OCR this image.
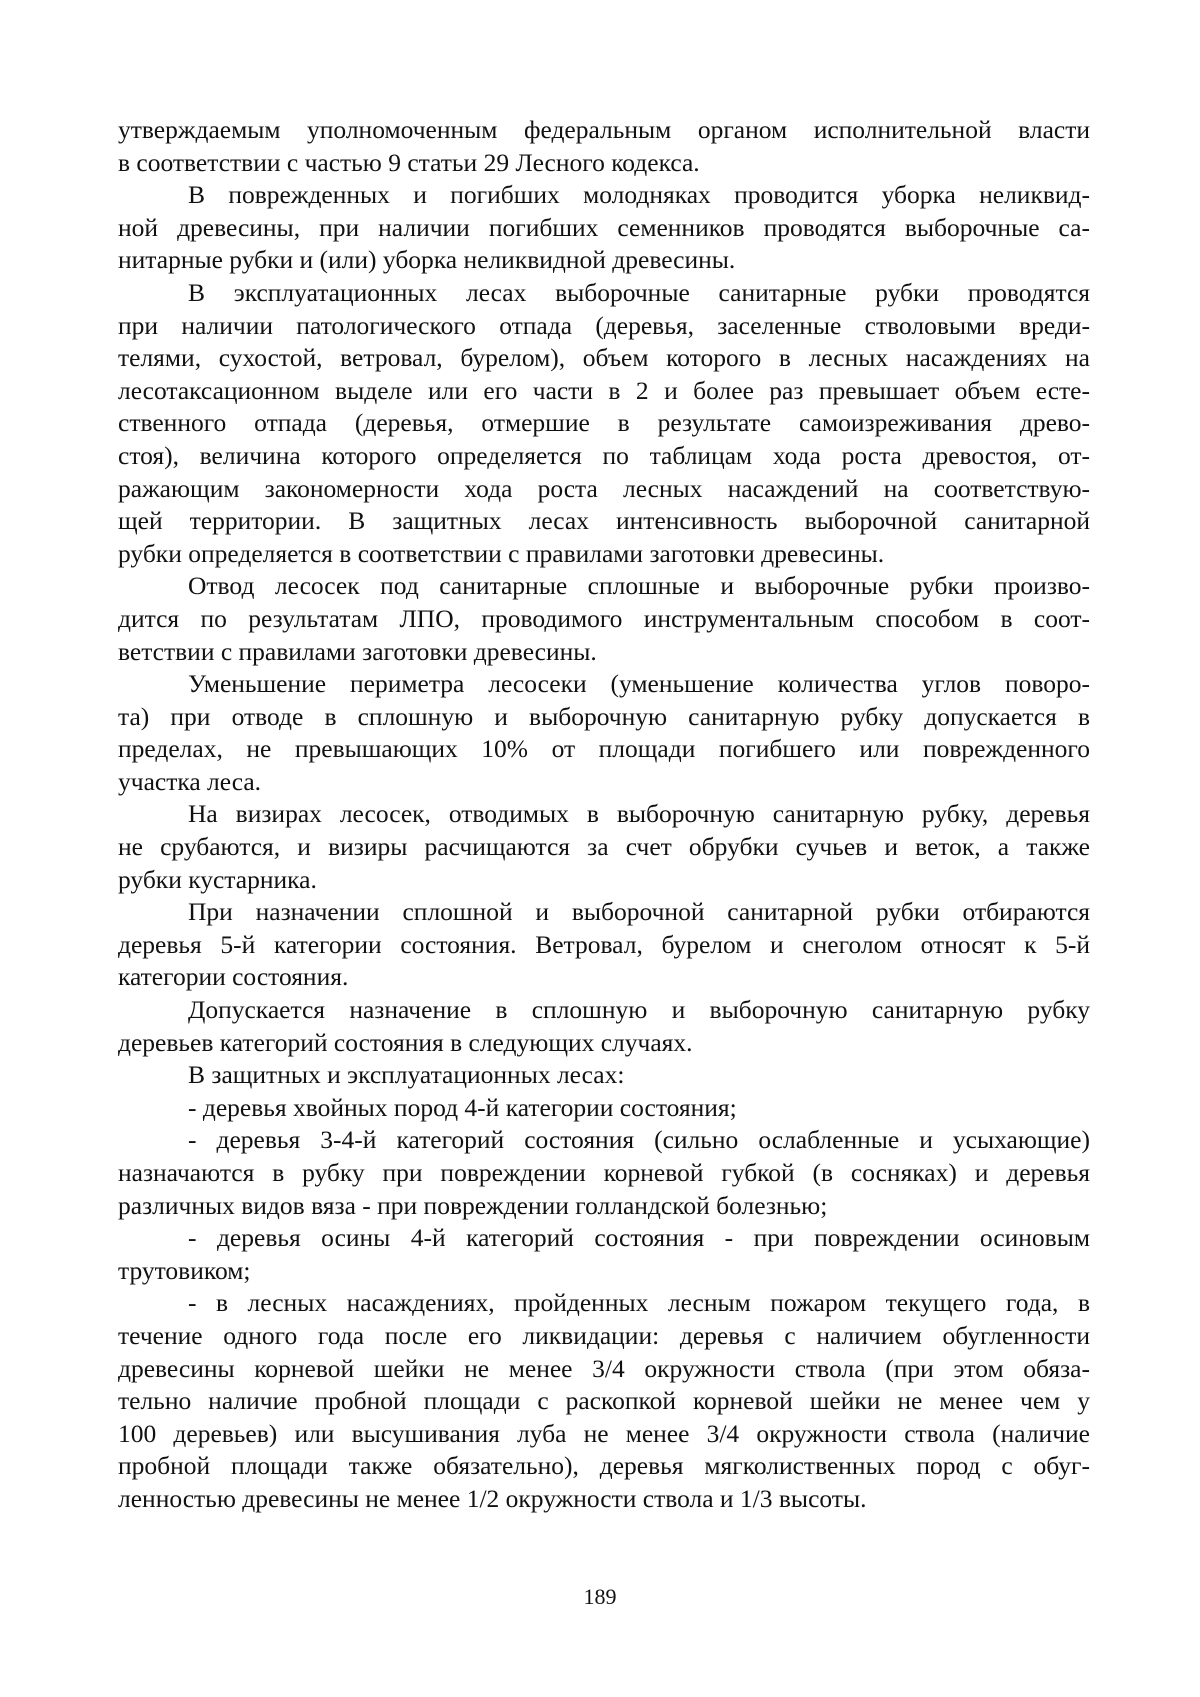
утверждаемым уполномоченным федеральным органом исполнительной власти
в соответствии с частью 9 статьи 29 Лесного кодекса.
В поврежденных и погибших молодняках проводится уборка неликвид-
ной древесины, при наличии погибших семенников проводятся выборочные са-
нитарные рубки и (или) уборка неликвидной древесины.
В эксплуатационных лесах выборочные санитарные рубки проводятся
при наличии патологического отпада (деревья, заселенные стволовыми вреди-
телями, сухостой, ветровал, бурелом), объем которого в лесных насаждениях на
лесотаксационном выделе или его части в 2 и более раз превышает объем есте-
ственного отпада (деревья, отмершие в результате самоизреживания древо-
стоя), величина которого определяется по таблицам хода роста древостоя, от-
ражающим закономерности хода роста лесных насаждений на соответствую-
щей территории. В защитных лесах интенсивность выборочной санитарной
рубки определяется в соответствии с правилами заготовки древесины.
Отвод лесосек под санитарные сплошные и выборочные рубки произво-
дится по результатам ЛПО, проводимого инструментальным способом в соот-
ветствии с правилами заготовки древесины.
Уменьшение периметра лесосеки (уменьшение количества углов поворо-
та) при отводе в сплошную и выборочную санитарную рубку допускается в
пределах, не превышающих 10% от площади погибшего или поврежденного
участка леса.
На визирах лесосек, отводимых в выборочную санитарную рубку, деревья
не срубаются, и визиры расчищаются за счет обрубки сучьев и веток, а также
рубки кустарника.
При назначении сплошной и выборочной санитарной рубки отбираются
деревья 5-й категории состояния. Ветровал, бурелом и снеголом относят к 5-й
категории состояния.
Допускается назначение в сплошную и выборочную санитарную рубку
деревьев категорий состояния в следующих случаях.
В защитных и эксплуатационных лесах:
- деревья хвойных пород 4-й категории состояния;
- деревья 3-4-й категорий состояния (сильно ослабленные и усыхающие)
назначаются в рубку при повреждении корневой губкой (в сосняках) и деревья
различных видов вяза - при повреждении голландской болезнью;
- деревья осины 4-й категорий состояния - при повреждении осиновым
трутовиком;
- в лесных насаждениях, пройденных лесным пожаром текущего года, в
течение одного года после его ликвидации: деревья с наличием обугленности
древесины корневой шейки не менее 3/4 окружности ствола (при этом обяза-
тельно наличие пробной площади с раскопкой корневой шейки не менее чем у
100 деревьев) или высушивания луба не менее 3/4 окружности ствола (наличие
пробной площади также обязательно), деревья мягколиственных пород с обуг-
ленностью древесины не менее 1/2 окружности ствола и 1/3 высоты.
189
